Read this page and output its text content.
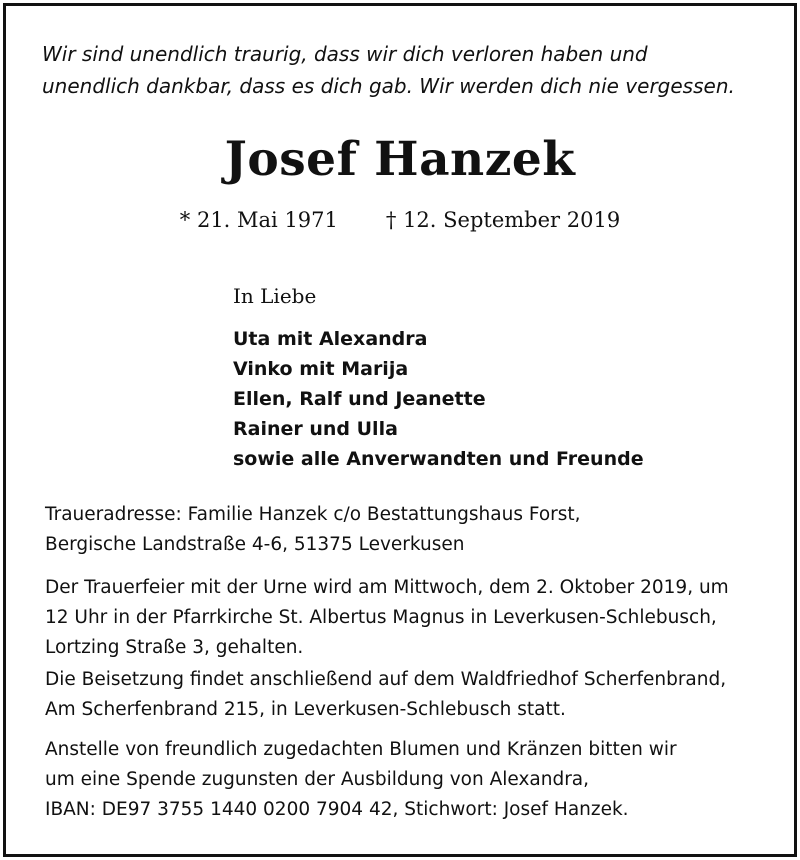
Wir sind unendlich traurig, dass wir dich verloren haben und
unendlich dankbar, dass es dich gab. Wir werden dich nie vergessen.

Josef Hanzek
* 21. Mai 1971 † 12. September 2019
In Liebe
Uta mit Alexandra
Vinko mit Marija
Ellen, Ralf und Jeanette
Rainer und Ulla
sowie alle Anverwandten und Freunde

Traueradresse: Familie Hanzek c/o Bestattungshaus Forst,
Bergische Landstraße 4-6, 51375 Leverkusen

Der Trauerfeier mit der Urne wird am Mittwoch, dem 2. Oktober 2019, um
12 Uhr in der Pfarrkirche St. Albertus Magnus in Leverkusen-Schlebusch,
Lortzing Straße 3, gehalten.

Die Beisetzung findet anschließend auf dem Waldfriedhof Scherfenbrand,
Am Scherfenbrand 215, in Leverkusen-Schlebusch statt.

Anstelle von freundlich zugedachten Blumen und Kränzen bitten wir
um eine Spende zugunsten der Ausbildung von Alexandra,
IBAN: DE97 3755 1440 0200 7904 42, Stichwort: Josef Hanzek.
